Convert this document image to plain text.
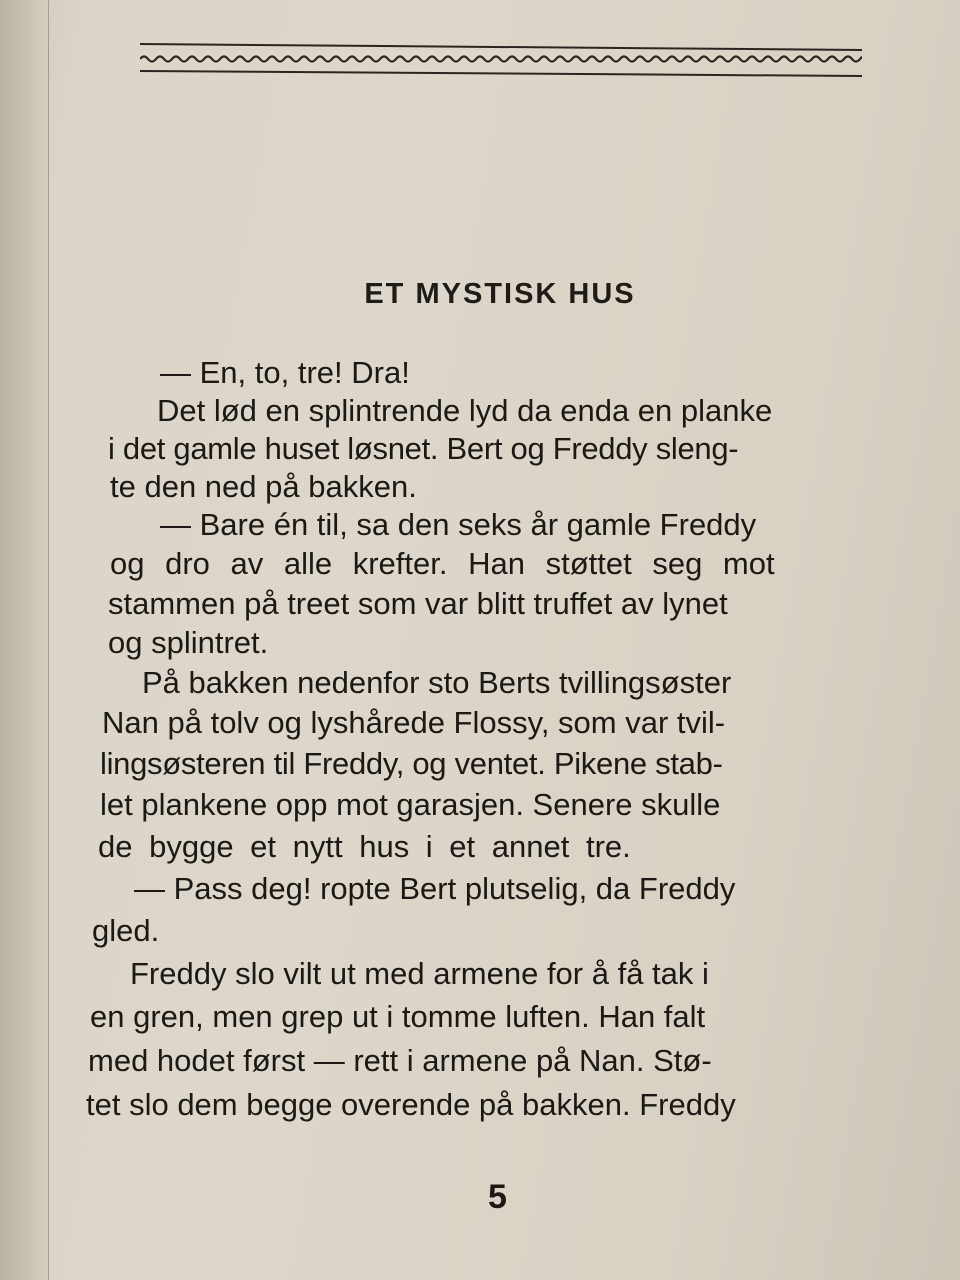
ET MYSTISK HUS
— En, to, tre! Dra!
Det lød en splintrende lyd da enda en planke
i det gamle huset løsnet. Bert og Freddy sleng-
te den ned på bakken.
— Bare én til, sa den seks år gamle Freddy
og dro av alle krefter. Han støttet seg mot
stammen på treet som var blitt truffet av lynet
og splintret.
På bakken nedenfor sto Berts tvillingsøster
Nan på tolv og lyshårede Flossy, som var tvil-
lingsøsteren til Freddy, og ventet. Pikene stab-
let plankene opp mot garasjen. Senere skulle
de bygge et nytt hus i et annet tre.
— Pass deg! ropte Bert plutselig, da Freddy
gled.
Freddy slo vilt ut med armene for å få tak i
en gren, men grep ut i tomme luften. Han falt
med hodet først — rett i armene på Nan. Stø-
tet slo dem begge overende på bakken. Freddy
5
